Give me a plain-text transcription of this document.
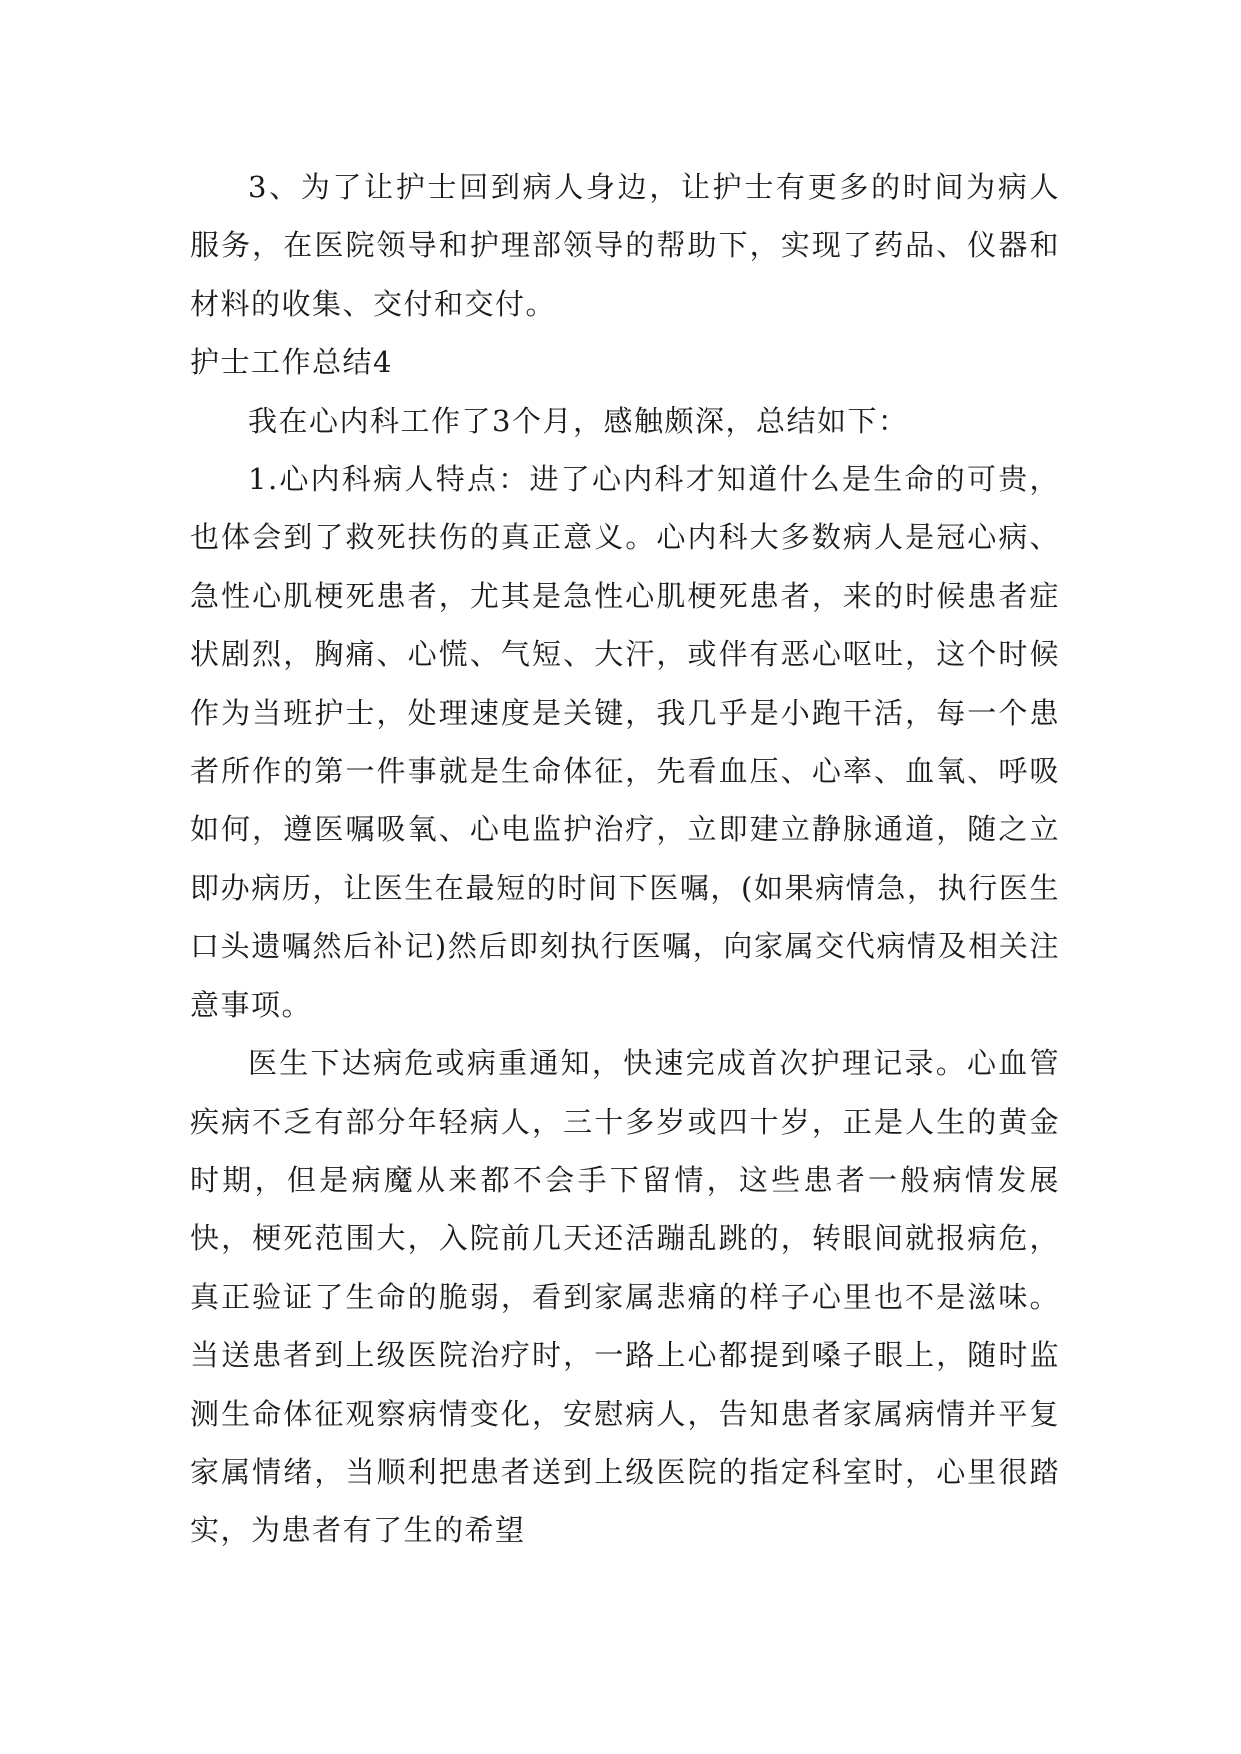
3、为了让护士回到病人身边，让护士有更多的时间为病人服务，在医院领导和护理部领导的帮助下，实现了药品、仪器和材料的收集、交付和交付。

护士工作总结4

我在心内科工作了3个月，感触颇深，总结如下：

1.心内科病人特点：进了心内科才知道什么是生命的可贵，也体会到了救死扶伤的真正意义。心内科大多数病人是冠心病、急性心肌梗死患者，尤其是急性心肌梗死患者，来的时候患者症状剧烈，胸痛、心慌、气短、大汗，或伴有恶心呕吐，这个时候作为当班护士，处理速度是关键，我几乎是小跑干活，每一个患者所作的第一件事就是生命体征，先看血压、心率、血氧、呼吸如何，遵医嘱吸氧、心电监护治疗，立即建立静脉通道，随之立即办病历，让医生在最短的时间下医嘱，(如果病情急，执行医生口头遗嘱然后补记)然后即刻执行医嘱，向家属交代病情及相关注意事项。

医生下达病危或病重通知，快速完成首次护理记录。心血管疾病不乏有部分年轻病人，三十多岁或四十岁，正是人生的黄金时期，但是病魔从来都不会手下留情，这些患者一般病情发展快，梗死范围大，入院前几天还活蹦乱跳的，转眼间就报病危，真正验证了生命的脆弱，看到家属悲痛的样子心里也不是滋味。当送患者到上级医院治疗时，一路上心都提到嗓子眼上，随时监测生命体征观察病情变化，安慰病人，告知患者家属病情并平复家属情绪，当顺利把患者送到上级医院的指定科室时，心里很踏实，为患者有了生的希望
